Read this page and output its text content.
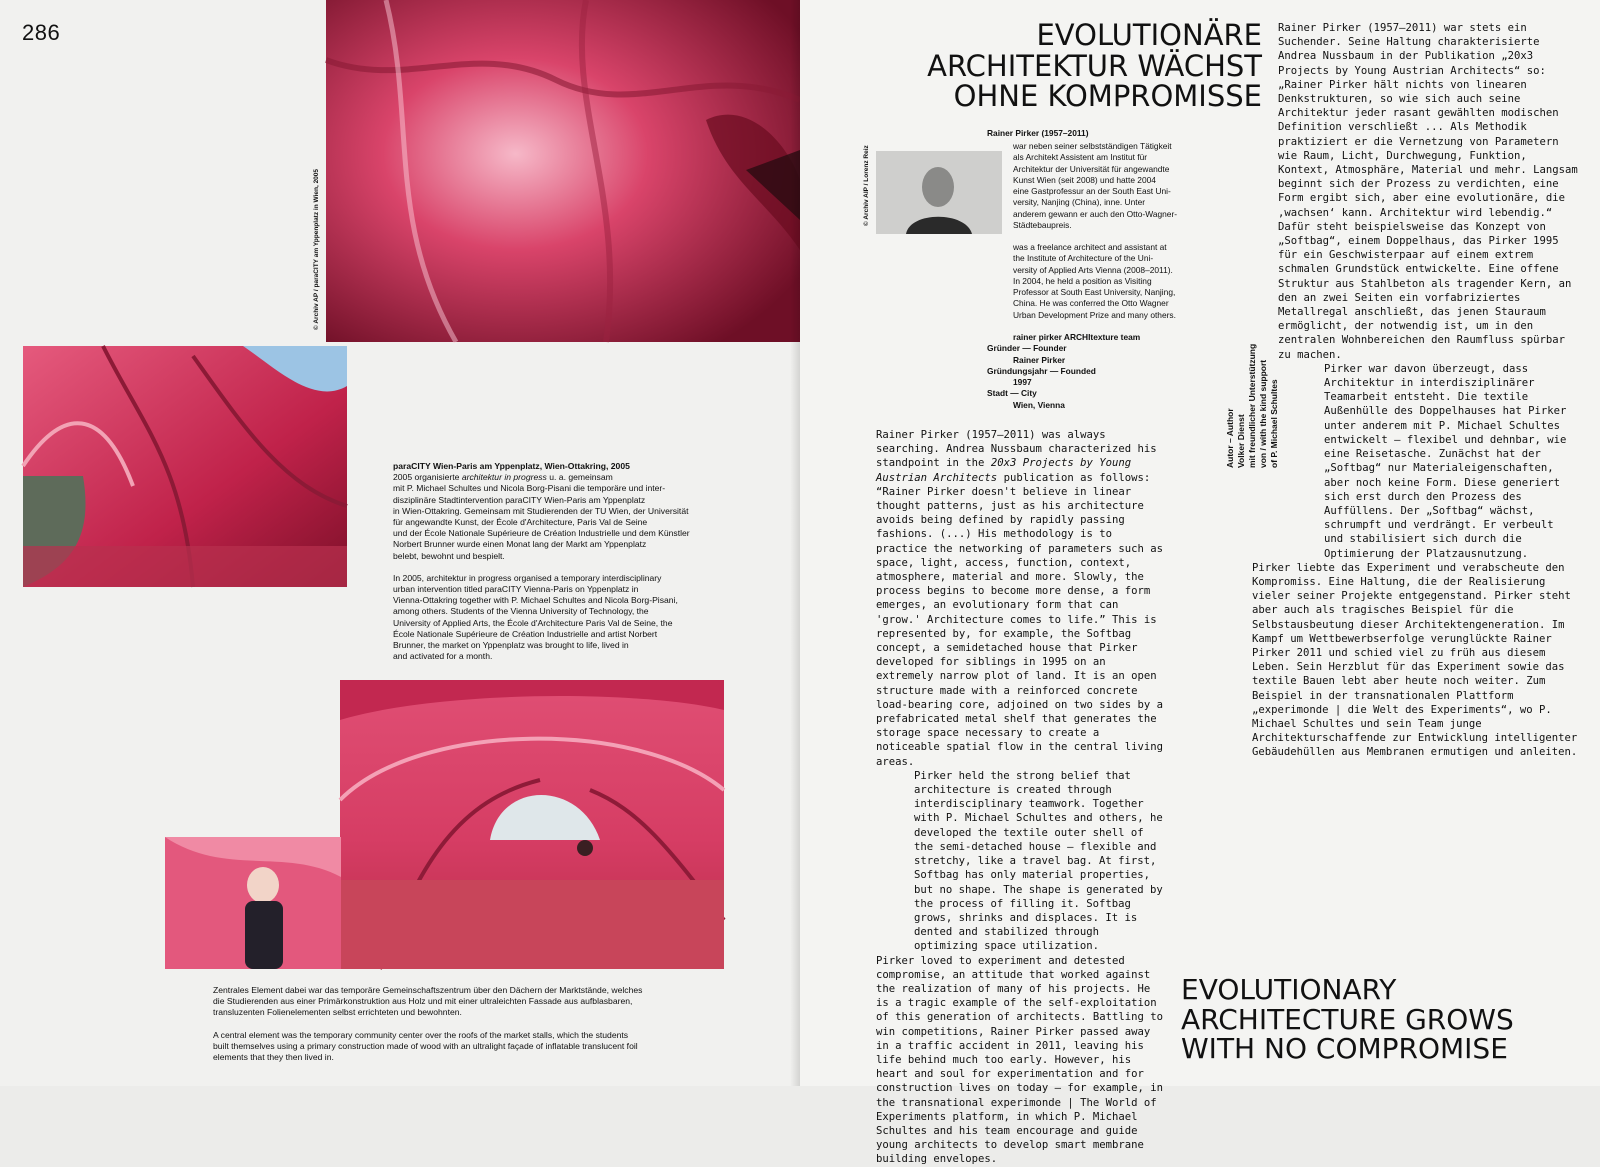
286
© Archiv AP / paraCITY am Yppenplatz in Wien, 2005

paraCITY Wien-Paris am Yppenplatz, Wien-Ottakring, 2005

2005 organisierte architektur in progress u. a. gemeinsam
mit P. Michael Schultes und Nicola Borg-Pisani die temporäre und inter-
disziplinäre Stadtintervention paraCITY Wien-Paris am Yppenplatz
in Wien-Ottakring. Gemeinsam mit Studierenden der TU Wien, der Universität
für angewandte Kunst, der École d'Architecture, Paris Val de Seine
und der École Nationale Supérieure de Création Industrielle und dem Künstler
Norbert Brunner wurde einen Monat lang der Markt am Yppenplatz
belebt, bewohnt und bespielt.

In 2005, architektur in progress organised a temporary interdisciplinary
urban intervention titled paraCITY Vienna-Paris on Yppenplatz in
Vienna-Ottakring together with P. Michael Schultes and Nicola Borg-Pisani,
among others. Students of the Vienna University of Technology, the
University of Applied Arts, the École d'Architecture Paris Val de Seine, the
École Nationale Supérieure de Création Industrielle and artist Norbert
Brunner, the market on Yppenplatz was brought to life, lived in
and activated for a month.

Zentrales Element dabei war das temporäre Gemeinschaftszentrum über den Dächern der Marktstände, welches
die Studierenden aus einer Primärkonstruktion aus Holz und mit einer ultraleichten Fassade aus aufblasbaren,
transluzenten Folienelementen selbst errichteten und bewohnten.

A central element was the temporary community center over the roofs of the market stalls, which the students
built themselves using a primary construction made of wood with an ultralight façade of inflatable translucent foil
elements that they then lived in.

EVOLUTIONÄRE
ARCHITEKTUR WÄCHST
OHNE KOMPROMISSE
© Archiv AIP / Lorenz Reiz
Rainer Pirker (1957–2011)
war neben seiner selbstständigen Tätigkeit
als Architekt Assistent am Institut für
Architektur der Universität für angewandte
Kunst Wien (seit 2008) und hatte 2004
eine Gastprofessur an der South East Uni-
versity, Nanjing (China), inne. Unter
anderem gewann er auch den Otto-Wagner-
Städtebaupreis.
was a freelance architect and assistant at
the Institute of Architecture of the Uni-
versity of Applied Arts Vienna (2008–2011).
In 2004, he held a position as Visiting
Professor at South East University, Nanjing,
China. He was conferred the Otto Wagner
Urban Development Prize and many others.
rainer pirker ARCHItexture team
Gründer — Founder
Rainer Pirker
Gründungsjahr — Founded
1997
Stadt — City
Wien, Vienna
Autor – Author Volker Dienst mit freundlicher Unterstützung von / with the kind support of P. Michael Schultes

Rainer Pirker (1957–2011) was always searching. Andrea Nussbaum characterized his standpoint in the 20x3 Projects by Young Austrian Architects publication as follows: “Rainer Pirker doesn't believe in linear thought patterns, just as his architecture avoids being defined by rapidly passing fashions. (...) His methodology is to practice the networking of parameters such as space, light, access, function, context, atmosphere, material and more. Slowly, the process begins to become more dense, a form emerges, an evolutionary form that can 'grow.' Architecture comes to life.” This is represented by, for example, the Softbag concept, a semidetached house that Pirker developed for siblings in 1995 on an extremely narrow plot of land. It is an open structure made with a reinforced concrete load-bearing core, adjoined on two sides by a prefabricated metal shelf that generates the storage space necessary to create a noticeable spatial flow in the central living areas.

Pirker held the strong belief that architecture is created through interdisciplinary teamwork. Together with P. Michael Schultes and others, he developed the textile outer shell of the semi-detached house – flexible and stretchy, like a travel bag. At first, Softbag has only material properties, but no shape. The shape is generated by the process of filling it. Softbag grows, shrinks and displaces. It is dented and stabilized through optimizing space utilization.

Pirker loved to experiment and detested compromise, an attitude that worked against the realization of many of his projects. He is a tragic example of the self-exploitation of this generation of architects. Battling to win competitions, Rainer Pirker passed away in a traffic accident in 2011, leaving his life behind much too early. However, his heart and soul for experimentation and for construction lives on today – for example, in the transnational experimonde | The World of Experiments platform, in which P. Michael Schultes and his team encourage and guide young architects to develop smart membrane building envelopes.

Rainer Pirker (1957–2011) war stets ein Suchender. Seine Haltung charakterisierte Andrea Nussbaum in der Publikation „20x3 Projects by Young Austrian Architects“ so: „Rainer Pirker hält nichts von linearen Denkstrukturen, so wie sich auch seine Architektur jeder rasant gewählten modischen Definition verschließt ... Als Methodik praktiziert er die Vernetzung von Parametern wie Raum, Licht, Durchwegung, Funktion, Kontext, Atmosphäre, Material und mehr. Langsam beginnt sich der Prozess zu verdichten, eine Form ergibt sich, aber eine evolutionäre, die ‚wachsen‘ kann. Architektur wird lebendig.“ Dafür steht beispielsweise das Konzept von „Softbag“, einem Doppelhaus, das Pirker 1995 für ein Geschwisterpaar auf einem extrem schmalen Grundstück entwickelte. Eine offene Struktur aus Stahlbeton als tragender Kern, an den an zwei Seiten ein vorfabriziertes Metallregal anschließt, das jenen Stauraum ermöglicht, der notwendig ist, um in den zentralen Wohnbereichen den Raumfluss spürbar zu machen.

Pirker war davon überzeugt, dass Architektur in interdisziplinärer Teamarbeit entsteht. Die textile Außenhülle des Doppelhauses hat Pirker unter anderem mit P. Michael Schultes entwickelt – flexibel und dehnbar, wie eine Reisetasche. Zunächst hat der „Softbag“ nur Materialeigenschaften, aber noch keine Form. Diese generiert sich erst durch den Prozess des Auffüllens. Der „Softbag“ wächst, schrumpft und verdrängt. Er verbeult und stabilisiert sich durch die Optimierung der Platzausnutzung.

Pirker liebte das Experiment und verabscheute den Kompromiss. Eine Haltung, die der Realisierung vieler seiner Projekte entgegenstand. Pirker steht aber auch als tragisches Beispiel für die Selbstausbeutung dieser Architektengeneration. Im Kampf um Wettbewerbserfolge verunglückte Rainer Pirker 2011 und schied viel zu früh aus diesem Leben. Sein Herzblut für das Experiment sowie das textile Bauen lebt aber heute noch weiter. Zum Beispiel in der transnationalen Plattform „experimonde | die Welt des Experiments“, wo P. Michael Schultes und sein Team junge Architekturschaffende zur Entwicklung intelligenter Gebäudehüllen aus Membranen ermutigen und anleiten.

EVOLUTIONARY
ARCHITECTURE GROWS
WITH NO COMPROMISE
